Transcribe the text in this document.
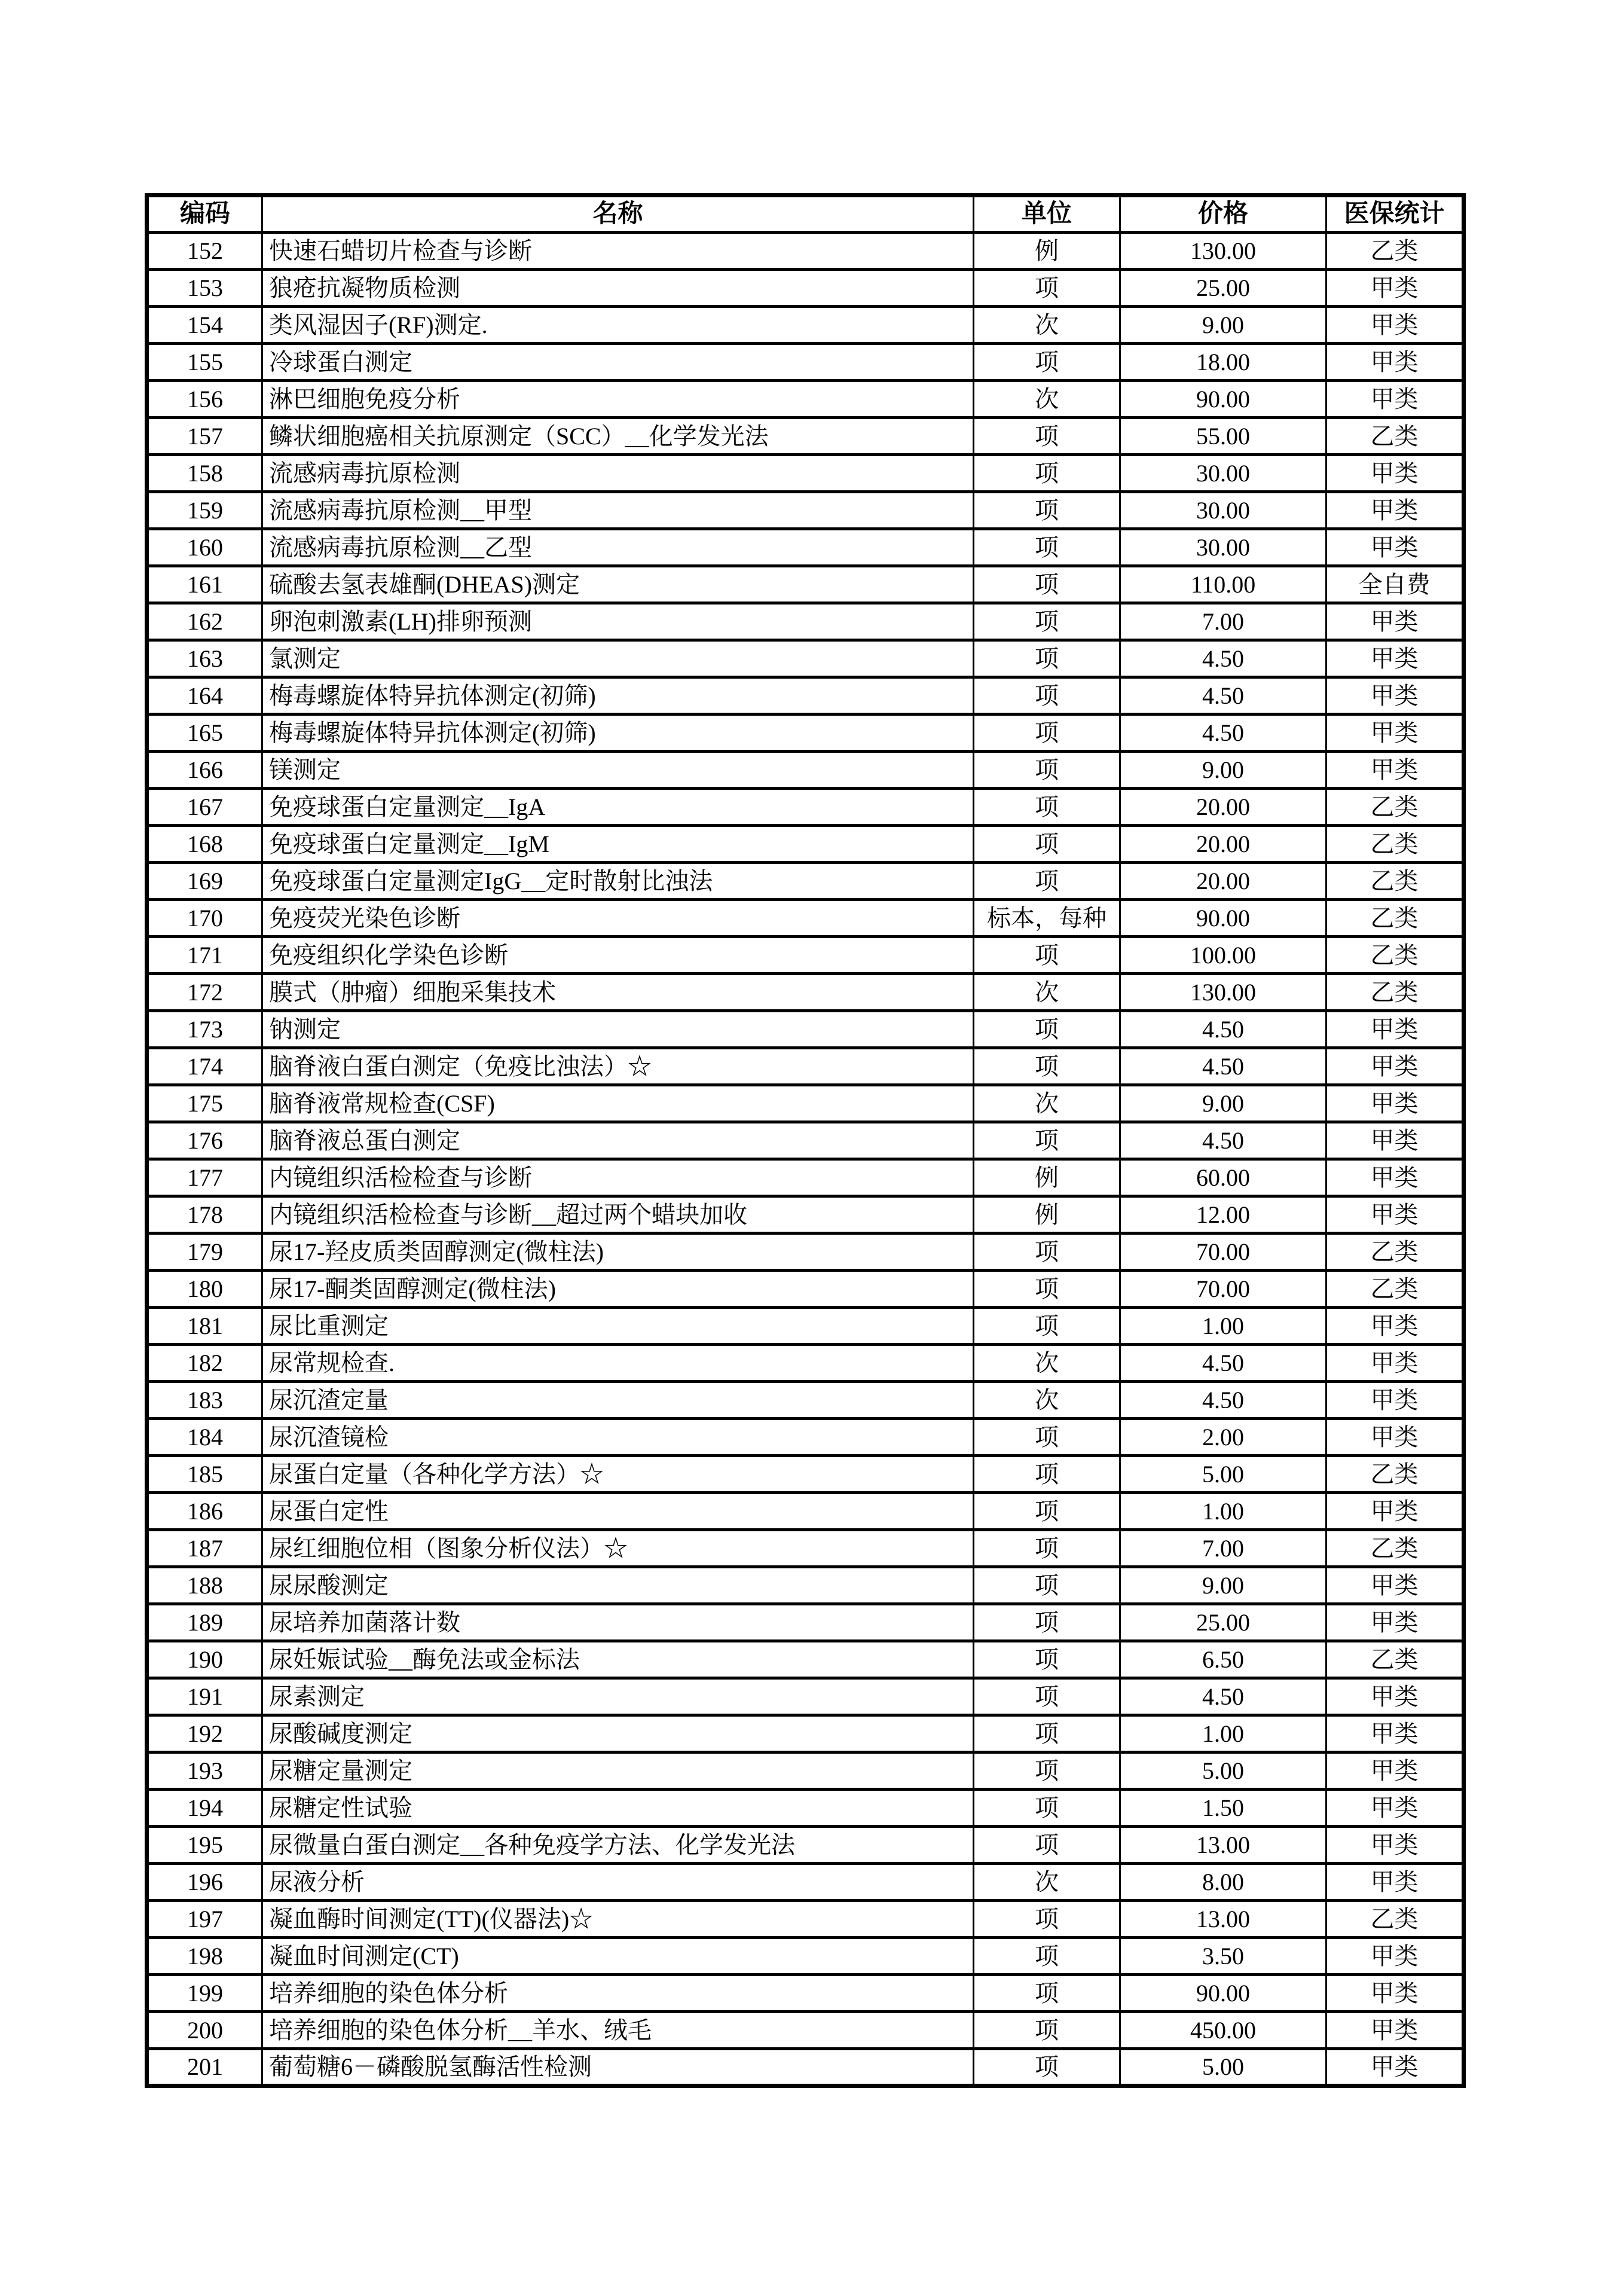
编码	名称	单位	价格	医保统计
152	快速石蜡切片检查与诊断	例	130.00	乙类
153	狼疮抗凝物质检测	项	25.00	甲类
154	类风湿因子(RF)测定.	次	9.00	甲类
155	冷球蛋白测定	项	18.00	甲类
156	淋巴细胞免疫分析	次	90.00	甲类
157	鳞状细胞癌相关抗原测定（SCC）__化学发光法	项	55.00	乙类
158	流感病毒抗原检测	项	30.00	甲类
159	流感病毒抗原检测__甲型	项	30.00	甲类
160	流感病毒抗原检测__乙型	项	30.00	甲类
161	硫酸去氢表雄酮(DHEAS)测定	项	110.00	全自费
162	卵泡刺激素(LH)排卵预测	项	7.00	甲类
163	氯测定	项	4.50	甲类
164	梅毒螺旋体特异抗体测定(初筛)	项	4.50	甲类
165	梅毒螺旋体特异抗体测定(初筛)	项	4.50	甲类
166	镁测定	项	9.00	甲类
167	免疫球蛋白定量测定__IgA	项	20.00	乙类
168	免疫球蛋白定量测定__IgM	项	20.00	乙类
169	免疫球蛋白定量测定IgG__定时散射比浊法	项	20.00	乙类
170	免疫荧光染色诊断	标本，每种	90.00	乙类
171	免疫组织化学染色诊断	项	100.00	乙类
172	膜式（肿瘤）细胞采集技术	次	130.00	乙类
173	钠测定	项	4.50	甲类
174	脑脊液白蛋白测定（免疫比浊法）☆	项	4.50	甲类
175	脑脊液常规检查(CSF)	次	9.00	甲类
176	脑脊液总蛋白测定	项	4.50	甲类
177	内镜组织活检检查与诊断	例	60.00	甲类
178	内镜组织活检检查与诊断__超过两个蜡块加收	例	12.00	甲类
179	尿17-羟皮质类固醇测定(微柱法)	项	70.00	乙类
180	尿17-酮类固醇测定(微柱法)	项	70.00	乙类
181	尿比重测定	项	1.00	甲类
182	尿常规检查.	次	4.50	甲类
183	尿沉渣定量	次	4.50	甲类
184	尿沉渣镜检	项	2.00	甲类
185	尿蛋白定量（各种化学方法）☆	项	5.00	乙类
186	尿蛋白定性	项	1.00	甲类
187	尿红细胞位相（图象分析仪法）☆	项	7.00	乙类
188	尿尿酸测定	项	9.00	甲类
189	尿培养加菌落计数	项	25.00	甲类
190	尿妊娠试验__酶免法或金标法	项	6.50	乙类
191	尿素测定	项	4.50	甲类
192	尿酸碱度测定	项	1.00	甲类
193	尿糖定量测定	项	5.00	甲类
194	尿糖定性试验	项	1.50	甲类
195	尿微量白蛋白测定__各种免疫学方法、化学发光法	项	13.00	甲类
196	尿液分析	次	8.00	甲类
197	凝血酶时间测定(TT)(仪器法)☆	项	13.00	乙类
198	凝血时间测定(CT)	项	3.50	甲类
199	培养细胞的染色体分析	项	90.00	甲类
200	培养细胞的染色体分析__羊水、绒毛	项	450.00	甲类
201	葡萄糖6－磷酸脱氢酶活性检测	项	5.00	甲类
